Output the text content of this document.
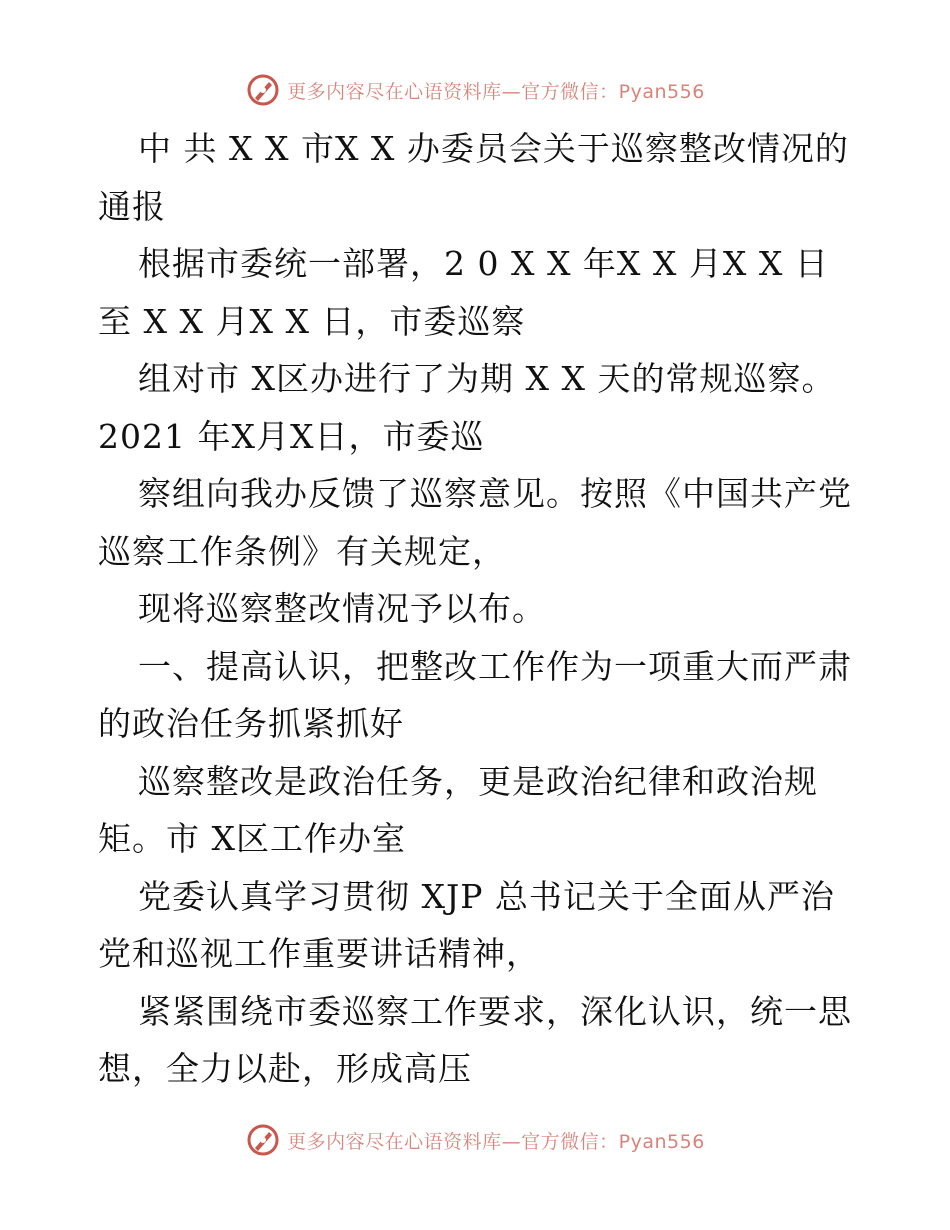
更多内容尽在心语资料库—官方微信：Pyan556

中 共 X X 市X X 办委员会关于巡察整改情况的通报

根据市委统一部署，2 0 X X 年X X 月X X 日至 X X 月X X 日，市委巡察

组对市 X区办进行了为期 X X 天的常规巡察。2021 年X月X日，市委巡

察组向我办反馈了巡察意见。按照《中国共产党巡察工作条例》有关规定，

现将巡察整改情况予以布。

一、提高认识，把整改工作作为一项重大而严肃的政治任务抓紧抓好

巡察整改是政治任务，更是政治纪律和政治规矩。市 X区工作办室

党委认真学习贯彻 XJP 总书记关于全面从严治党和巡视工作重要讲话精神，

紧紧围绕市委巡察工作要求，深化认识，统一思想，全力以赴，形成高压

更多内容尽在心语资料库—官方微信：Pyan556
